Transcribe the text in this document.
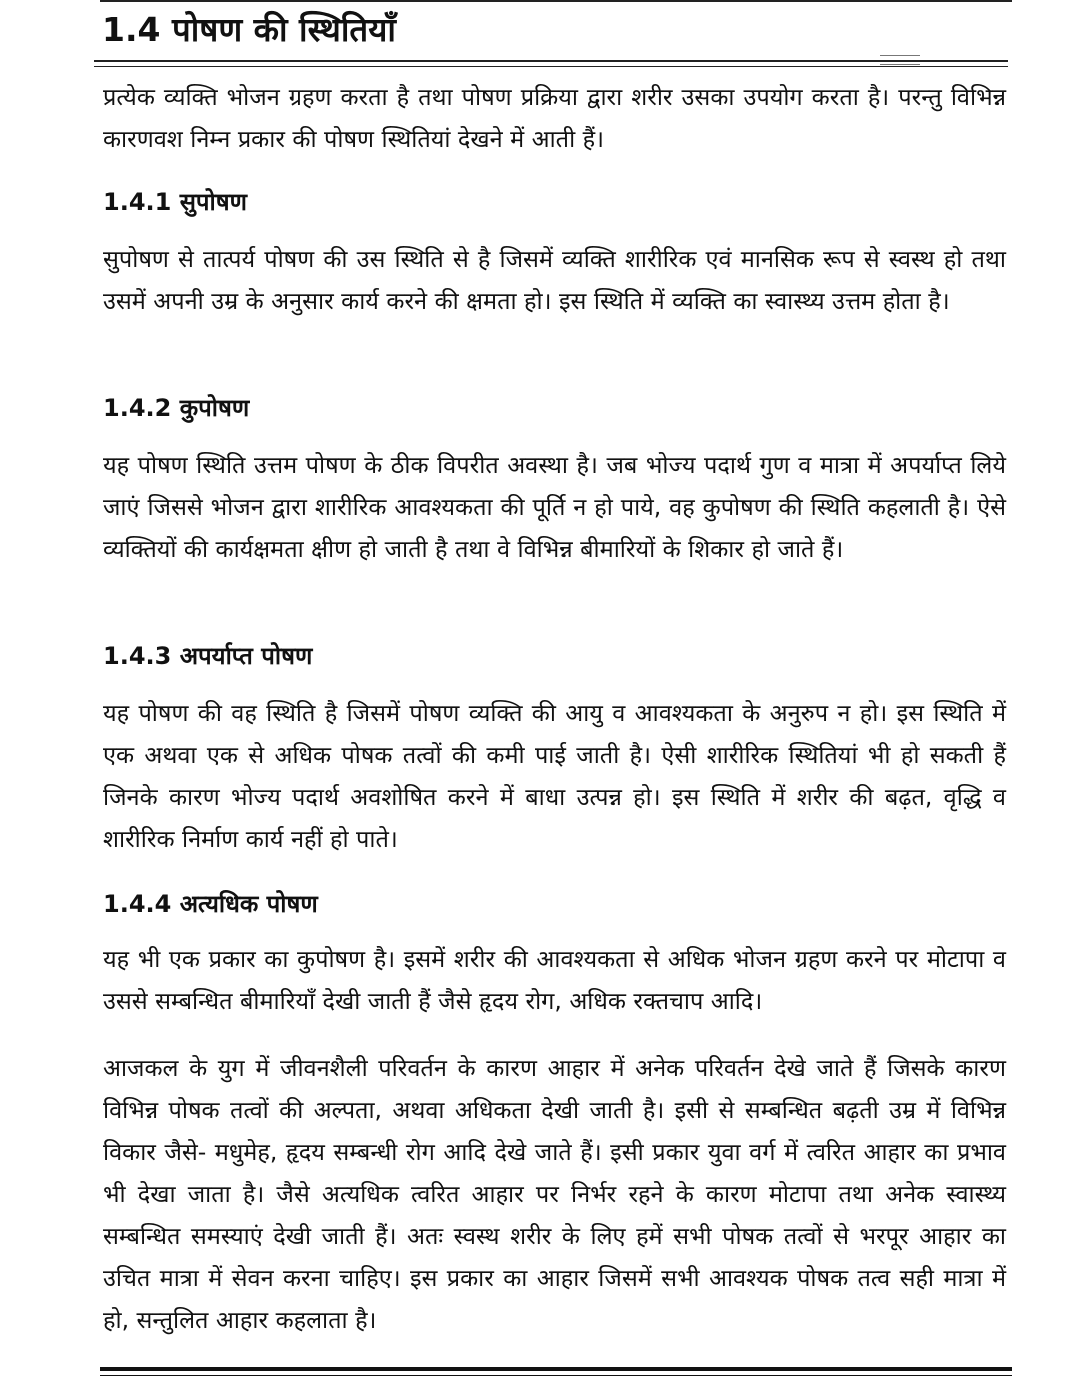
1.4 पोषण की स्थितियाँ

प्रत्येक व्यक्ति भोजन ग्रहण करता है तथा पोषण प्रक्रिया द्वारा शरीर उसका उपयोग करता है। परन्तु विभिन्न कारणवश निम्न प्रकार की पोषण स्थितियां देखने में आती हैं।

1.4.1 सुपोषण

सुपोषण से तात्पर्य पोषण की उस स्थिति से है जिसमें व्यक्ति शारीरिक एवं मानसिक रूप से स्वस्थ हो तथा उसमें अपनी उम्र के अनुसार कार्य करने की क्षमता हो। इस स्थिति में व्यक्ति का स्वास्थ्य उत्तम होता है।

1.4.2 कुपोषण

यह पोषण स्थिति उत्तम पोषण के ठीक विपरीत अवस्था है। जब भोज्य पदार्थ गुण व मात्रा में अपर्याप्त लिये जाएं जिससे भोजन द्वारा शारीरिक आवश्यकता की पूर्ति न हो पाये, वह कुपोषण की स्थिति कहलाती है। ऐसे व्यक्तियों की कार्यक्षमता क्षीण हो जाती है तथा वे विभिन्न बीमारियों के शिकार हो जाते हैं।

1.4.3 अपर्याप्त पोषण

यह पोषण की वह स्थिति है जिसमें पोषण व्यक्ति की आयु व आवश्यकता के अनुरुप न हो। इस स्थिति में एक अथवा एक से अधिक पोषक तत्वों की कमी पाई जाती है। ऐसी शारीरिक स्थितियां भी हो सकती हैं जिनके कारण भोज्य पदार्थ अवशोषित करने में बाधा उत्पन्न हो। इस स्थिति में शरीर की बढ़त, वृद्धि व शारीरिक निर्माण कार्य नहीं हो पाते।

1.4.4 अत्यधिक पोषण

यह भी एक प्रकार का कुपोषण है। इसमें शरीर की आवश्यकता से अधिक भोजन ग्रहण करने पर मोटापा व उससे सम्बन्धित बीमारियाँ देखी जाती हैं जैसे हृदय रोग, अधिक रक्तचाप आदि।

आजकल के युग में जीवनशैली परिवर्तन के कारण आहार में अनेक परिवर्तन देखे जाते हैं जिसके कारण विभिन्न पोषक तत्वों की अल्पता, अथवा अधिकता देखी जाती है। इसी से सम्बन्धित बढ़ती उम्र में विभिन्न विकार जैसे- मधुमेह, हृदय सम्बन्धी रोग आदि देखे जाते हैं। इसी प्रकार युवा वर्ग में त्वरित आहार का प्रभाव भी देखा जाता है। जैसे अत्यधिक त्वरित आहार पर निर्भर रहने के कारण मोटापा तथा अनेक स्वास्थ्य सम्बन्धित समस्याएं देखी जाती हैं। अतः स्वस्थ शरीर के लिए हमें सभी पोषक तत्वों से भरपूर आहार का उचित मात्रा में सेवन करना चाहिए। इस प्रकार का आहार जिसमें सभी आवश्यक पोषक तत्व सही मात्रा में हो, सन्तुलित आहार कहलाता है।
